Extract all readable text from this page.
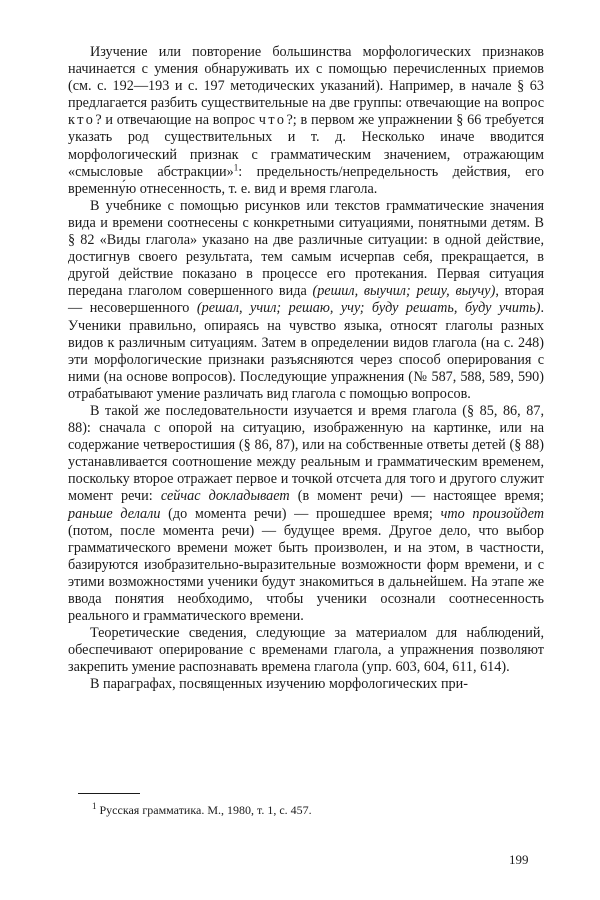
Изучение или повторение большинства морфологических признаков начинается с умения обнаруживать их с помощью перечисленных приемов (см. с. 192—193 и с. 197 методических указаний). Например, в начале § 63 предлагается разбить существительные на две группы: отвечающие на вопрос кто? и отвечающие на вопрос что?; в первом же упражнении § 66 требуется указать род существительных и т. д. Несколько иначе вводится морфологический признак с грамматическим значением, отражающим «смысловые абстракции»$^1$: предельность/непредельность действия, его временну́ю отнесенность, т. е. вид и время глагола.

В учебнике с помощью рисунков или текстов грамматические значения вида и времени соотнесены с конкретными ситуациями, понятными детям. В § 82 «Виды глагола» указано на две различные ситуации: в одной действие, достигнув своего результата, тем самым исчерпав себя, прекращается, в другой действие показано в процессе его протекания. Первая ситуация передана глаголом совершенного вида (решил, выучил; решу, выучу), вторая — несовершенного (решал, учил; решаю, учу; буду решать, буду учить). Ученики правильно, опираясь на чувство языка, относят глаголы разных видов к различным ситуациям. Затем в определении видов глагола (на с. 248) эти морфологические признаки разъясняются через способ оперирования с ними (на основе вопросов). Последующие упражнения (№ 587, 588, 589, 590) отрабатывают умение различать вид глагола с помощью вопросов.

В такой же последовательности изучается и время глагола (§ 85, 86, 87, 88): сначала с опорой на ситуацию, изображенную на картинке, или на содержание четверостишия (§ 86, 87), или на собственные ответы детей (§ 88) устанавливается соотношение между реальным и грамматическим временем, поскольку второе отражает первое и точкой отсчета для того и другого служит момент речи: сейчас докладывает (в момент речи) — настоящее время; раньше делали (до момента речи) — прошедшее время; что произойдет (потом, после момента речи) — будущее время. Другое дело, что выбор грамматического времени может быть произволен, и на этом, в частности, базируются изобразительно-выразительные возможности форм времени, и с этими возможностями ученики будут знакомиться в дальнейшем. На этапе же ввода понятия необходимо, чтобы ученики осознали соотнесенность реального и грамматического времени.

Теоретические сведения, следующие за материалом для наблюдений, обеспечивают оперирование с временами глагола, а упражнения позволяют закрепить умение распознавать времена глагола (упр. 603, 604, 611, 614).

В параграфах, посвященных изучению морфологических при-

$^1$ Русская грамматика. М., 1980, т. 1, с. 457.
199
